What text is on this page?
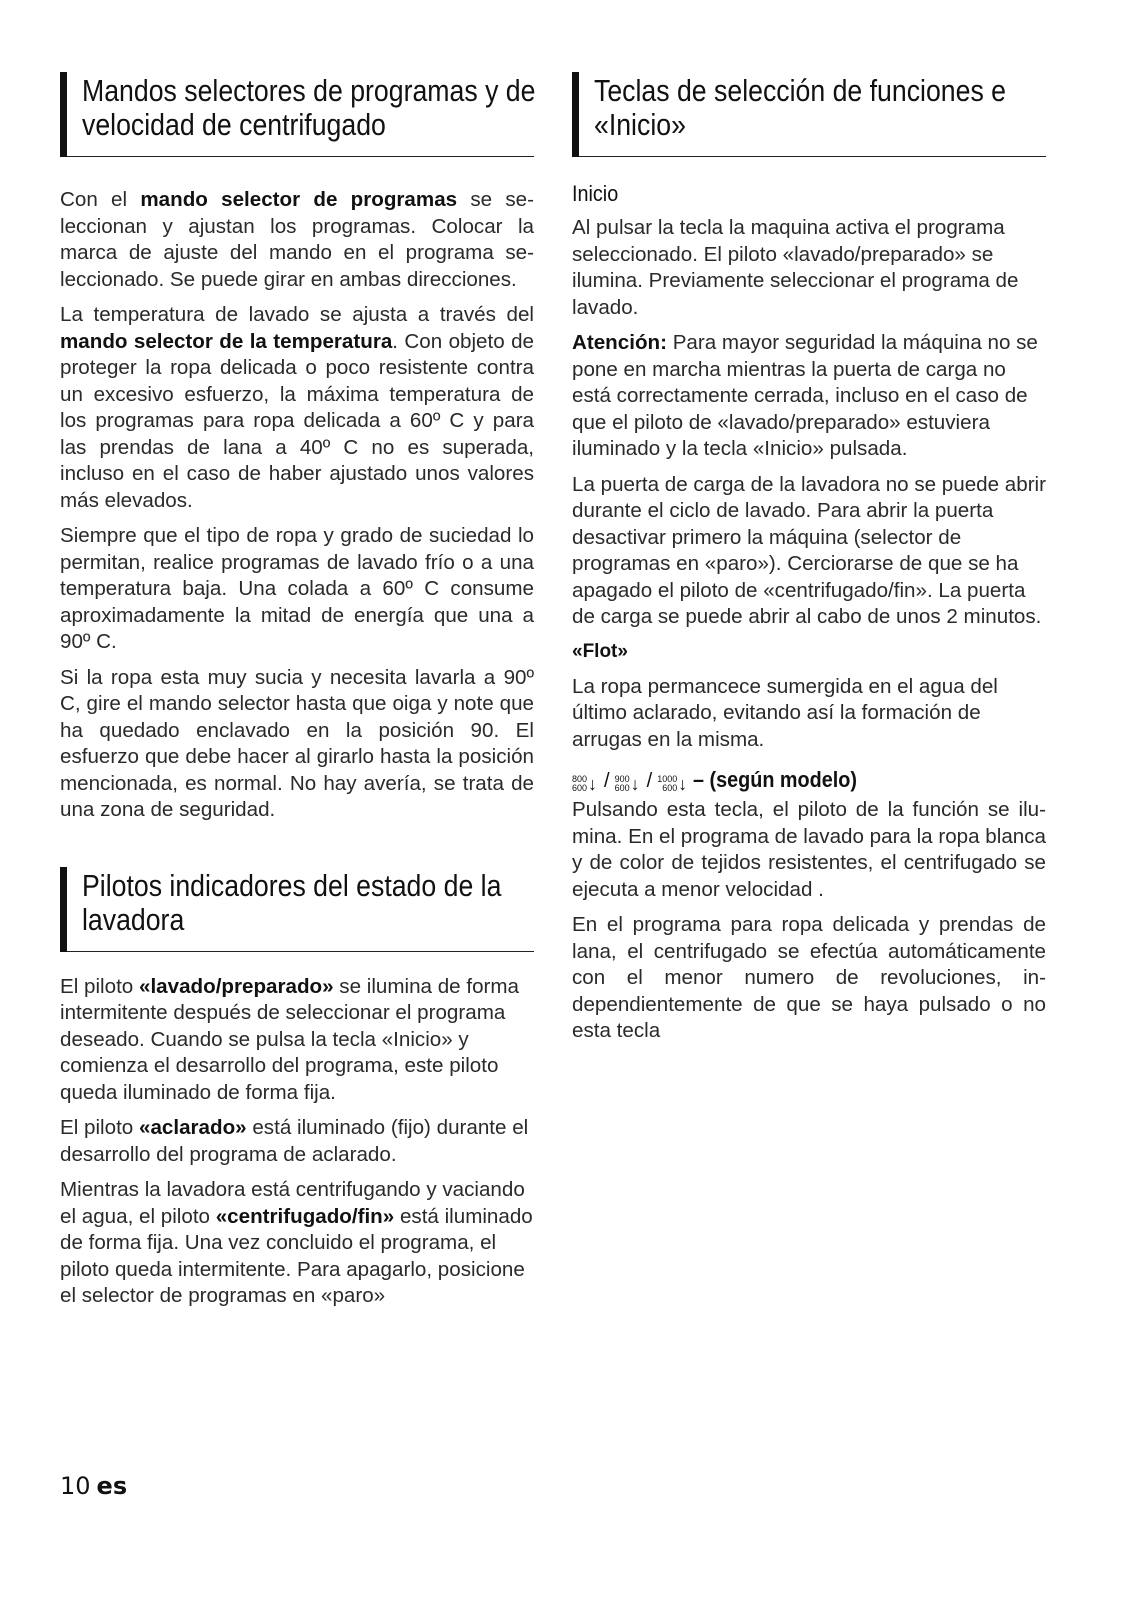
Mandos selectores de programas y de velocidad de centrifugado

Con el mando selector de programas se seleccionan y ajustan los programas. Colocar la marca de ajuste del mando en el programa seleccionado. Se puede girar en ambas direcciones.

La temperatura de lavado se ajusta a través del mando selector de la temperatura. Con objeto de proteger la ropa delicada o poco resistente contra un excesivo esfuerzo, la máxima temperatura de los programas para ropa delicada a 60º C y para las prendas de lana a 40º C no es superada, incluso en el caso de haber ajustado unos valores más elevados.

Siempre que el tipo de ropa y grado de suciedad lo permitan, realice programas de lavado frío o a una temperatura baja. Una colada a 60º C consume aproximadamente la mitad de energía que una a 90º C.

Si la ropa esta muy sucia y necesita lavarla a 90º C, gire el mando selector hasta que oiga y note que ha quedado enclavado en la posición 90. El esfuerzo que debe hacer al girarlo hasta la posición mencionada, es normal. No hay avería, se trata de una zona de seguridad.

Pilotos indicadores del estado de la lavadora

El piloto «lavado/preparado» se ilumina de forma intermitente después de seleccionar el programa deseado. Cuando se pulsa la tecla «Inicio» y comienza el desarrollo del programa, este piloto queda iluminado de forma fija.

El piloto «aclarado» está iluminado (fijo) durante el desarrollo del programa de aclarado.

Mientras la lavadora está centrifugando y vaciando el agua, el piloto «centrifugado/fin» está iluminado de forma fija. Una vez concluido el programa, el piloto queda intermitente. Para apagarlo, posicione el selector de programas en «paro»

Teclas de selección de funciones e «Inicio»
Inicio

Al pulsar la tecla la maquina activa el programa seleccionado. El piloto «lavado/preparado» se ilumina. Previamente seleccionar el programa de lavado.

Atención: Para mayor seguridad la máquina no se pone en marcha mientras la puerta de carga no está correctamente cerrada, incluso en el caso de que el piloto de «lavado/preparado» estuviera iluminado y la tecla «Inicio» pulsada.

La puerta de carga de la lavadora no se puede abrir durante el ciclo de lavado. Para abrir la puerta desactivar primero la máquina (selector de programas en «paro»). Cerciorarse de que se ha apagado el piloto de «centrifugado/fin». La puerta de carga se puede abrir al cabo de unos 2 minutos.

«Flot»

La ropa permancece sumergida en el agua del último aclarado, evitando así la formación de arrugas en la misma.

800
600 ↓ / 900
600 ↓ / 1000
600 ↓ – (según modelo)

Pulsando esta tecla, el piloto de la función se ilumina. En el programa de lavado para la ropa blanca y de color de tejidos resistentes, el centrifugado se ejecuta a menor velocidad .

En el programa para ropa delicada y prendas de lana, el centrifugado se efectúa automáticamente con el menor numero de revoluciones, independientemente de que se haya pulsado o no esta tecla

10 es
